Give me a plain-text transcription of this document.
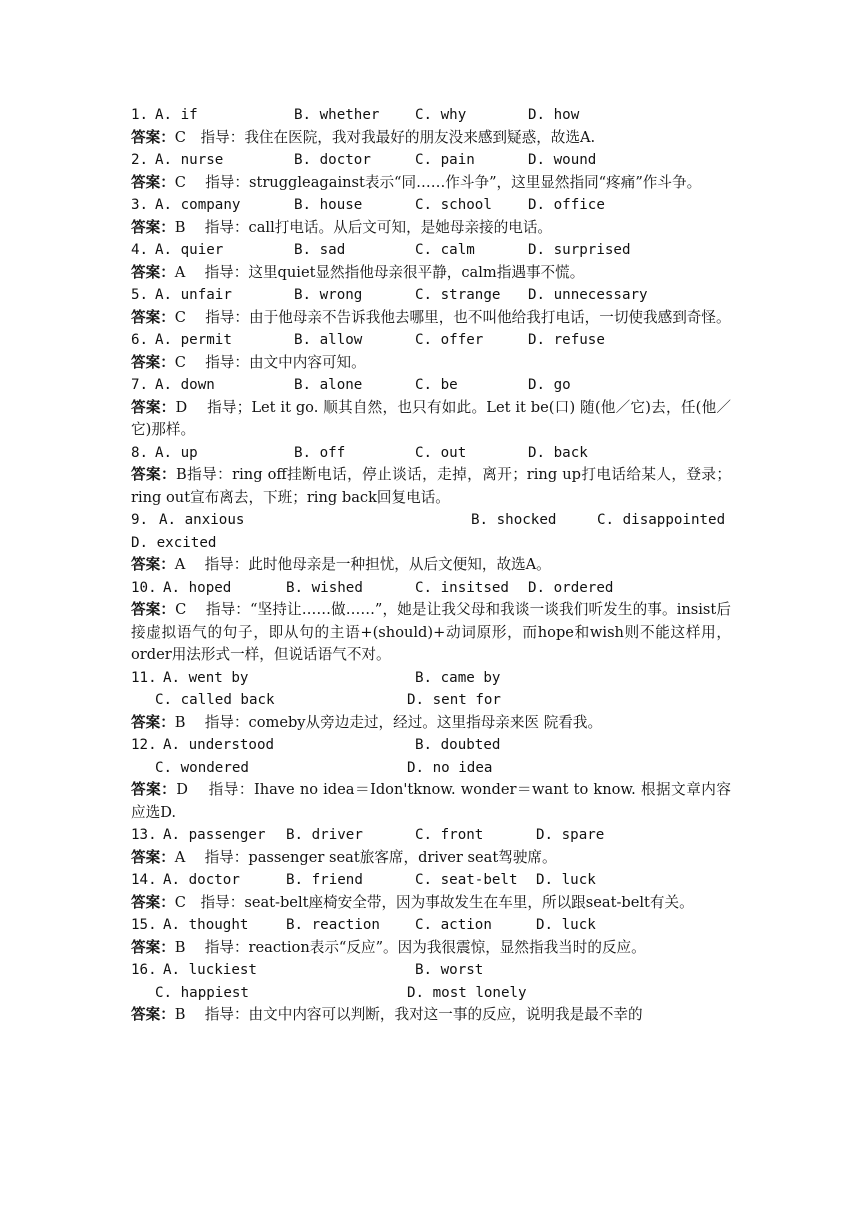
1. A. if	B. whether	C. why	D. how
答案：C　指导：我住在医院，我对我最好的朋友没来感到疑惑，故选A.
2. A. nurse	B. doctor	C. pain	D. wound
答案：C　 指导：struggleagainst表示“同……作斗争”，这里显然指同“疼痛”作斗争。
3. A. company	B. house	C. school	D. office
答案：B　 指导：call打电话。从后文可知，是她母亲接的电话。
4. A. quier	B. sad	C. calm	D. surprised
答案：A　 指导：这里quiet显然指他母亲很平静，calm指遇事不慌。
5. A. unfair	B. wrong	C. strange D. unnecessary
答案：C　 指导：由于他母亲不告诉我他去哪里，也不叫他给我打电话，一切使我感到奇怪。
6. A. permit	B. allow	C. offer	D. refuse
答案：C　 指导：由文中内容可知。
7. A. down	B. alone	C. be	D. go
答案：D　 指导；Let it go. 顺其自然，也只有如此。Let it be(口) 随(他／它)去，任(他／它)那样。
8. A. up	B. off	C. out	D. back
答案：B指导：ring off挂断电话，停止谈话，走掉，离开；ring up打电话给某人，登录；ring out宣布离去，下班；ring back回复电话。
9. A. anxious	B. shocked	C. disappointed
D. excited
答案：A　 指导：此时他母亲是一种担忧，从后文便知，故选A。
10. A. hoped	B. wished	C. insitsed D. ordered
答案：C　 指导：“坚持让……做……”，她是让我父母和我谈一谈我们听发生的事。insist后接虚拟语气的句子，即从句的主语+(should)+动词原形，而hope和wish则不能这样用，order用法形式一样，但说话语气不对。
11. A. went by	B. came by
C. called back	D. sent for
答案：B　 指导：comeby从旁边走过，经过。这里指母亲来医 院看我。
12. A. understood	B. doubted
C. wondered	D. no idea
答案：D　 指导：Ihave no idea＝Idon'tknow. wonder＝want to know. 根据文章内容应选D.
13. A. passenger B. driver	C. front	D. spare
答案：A　 指导：passenger seat旅客席，driver seat驾驶席。
14. A. doctor	B. friend	C. seat-belt D. luck
答案：C　指导：seat-belt座椅安全带，因为事故发生在车里，所以跟seat-belt有关。
15. A. thought	B. reaction C. action	D. luck
答案：B　 指导：reaction表示“反应”。因为我很震惊，显然指我当时的反应。
16. A. luckiest	B. worst
C. happiest	D. most lonely
答案：B　 指导：由文中内容可以判断，我对这一事的反应，说明我是最不幸的
